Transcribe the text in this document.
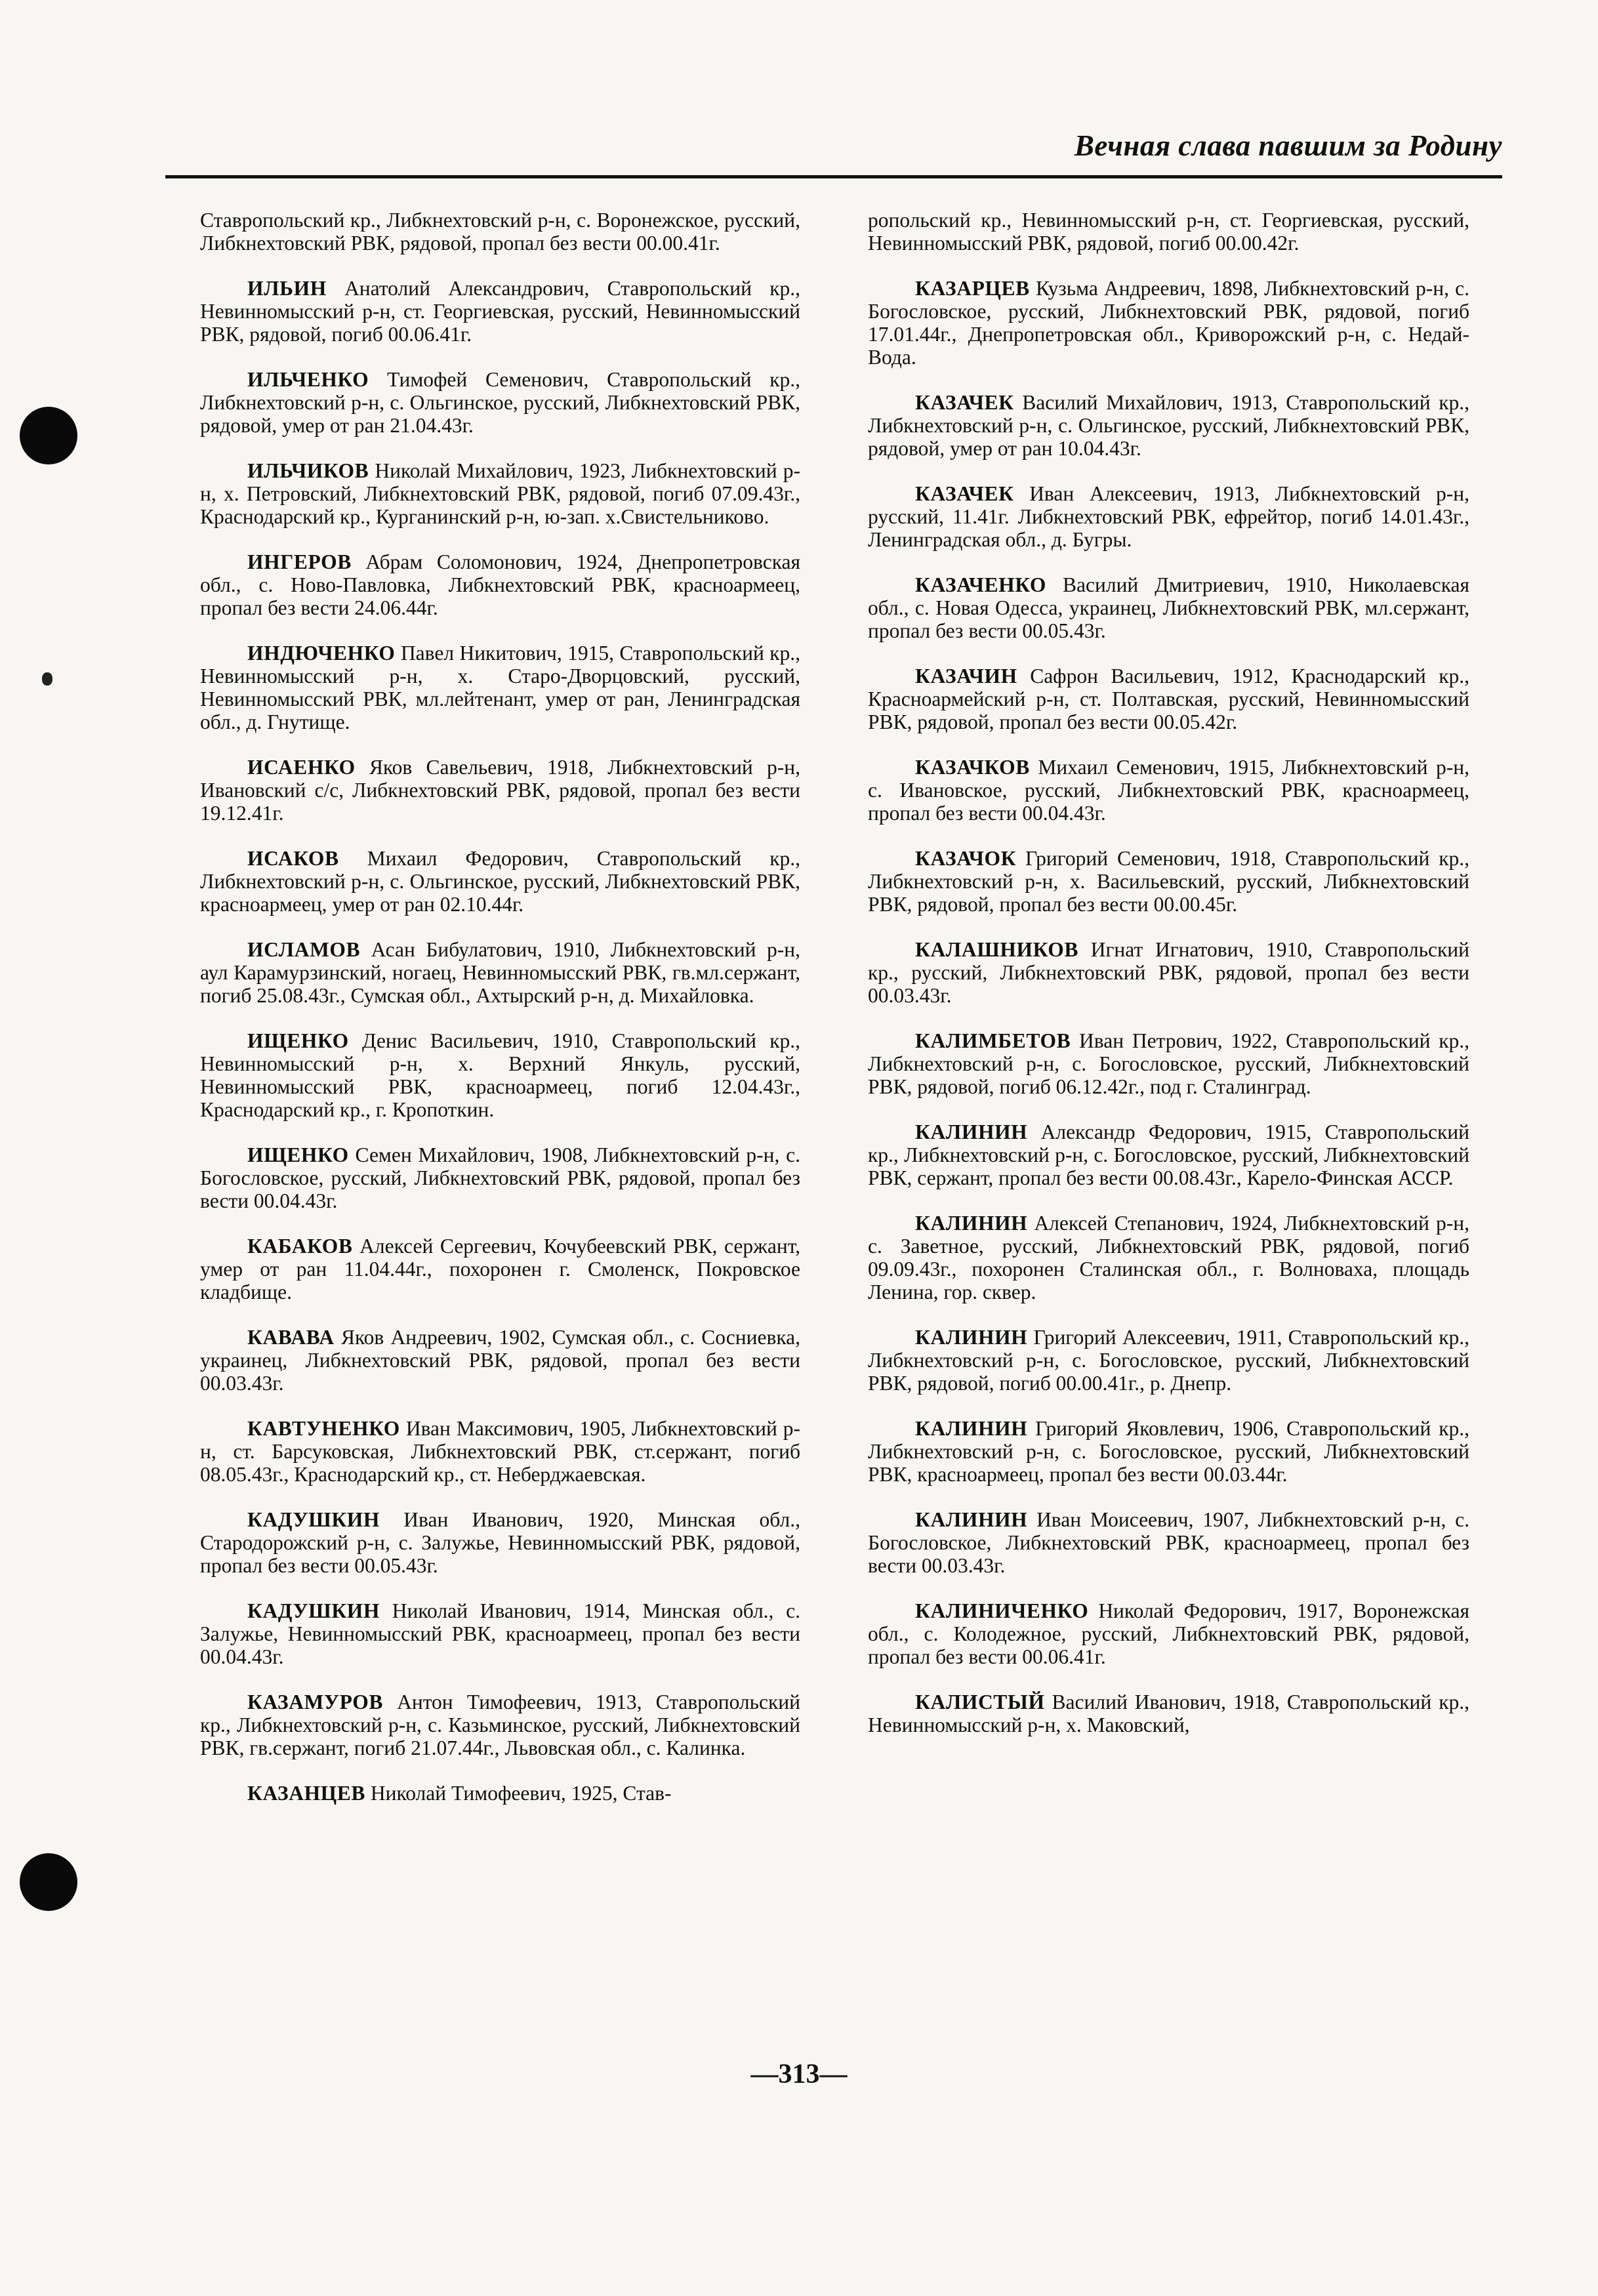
Вечная слава павшим за Родину

Ставропольский кр., Либкнехтовский р-н, с. Воронежское, русский, Либкнехтовский РВК, рядовой, пропал без вести 00.00.41г.

ИЛЬИН Анатолий Александрович, Ставропольский кр., Невинномысский р-н, ст. Георгиевская, русский, Невинномысский РВК, рядовой, погиб 00.06.41г.

ИЛЬЧЕНКО Тимофей Семенович, Ставропольский кр., Либкнехтовский р-н, с. Ольгинское, русский, Либкнехтовский РВК, рядовой, умер от ран 21.04.43г.

ИЛЬЧИКОВ Николай Михайлович, 1923, Либкнехтовский р-н, х. Петровский, Либкнехтовский РВК, рядовой, погиб 07.09.43г., Краснодарский кр., Курганинский р-н, ю-зап. х.Свистельниково.

ИНГЕРОВ Абрам Соломонович, 1924, Днепропетровская обл., с. Ново-Павловка, Либкнехтовский РВК, красноармеец, пропал без вести 24.06.44г.

ИНДЮЧЕНКО Павел Никитович, 1915, Ставропольский кр., Невинномысский р-н, х. Старо-Дворцовский, русский, Невинномысский РВК, мл.лейтенант, умер от ран, Ленинградская обл., д. Гнутище.

ИСАЕНКО Яков Савельевич, 1918, Либкнехтовский р-н, Ивановский с/с, Либкнехтовский РВК, рядовой, пропал без вести 19.12.41г.

ИСАКОВ Михаил Федорович, Ставропольский кр., Либкнехтовский р-н, с. Ольгинское, русский, Либкнехтовский РВК, красноармеец, умер от ран 02.10.44г.

ИСЛАМОВ Асан Бибулатович, 1910, Либкнехтовский р-н, аул Карамурзинский, ногаец, Невинномысский РВК, гв.мл.сержант, погиб 25.08.43г., Сумская обл., Ахтырский р-н, д. Михайловка.

ИЩЕНКО Денис Васильевич, 1910, Ставропольский кр., Невинномысский р-н, х. Верхний Янкуль, русский, Невинномысский РВК, красноармеец, погиб 12.04.43г., Краснодарский кр., г. Кропоткин.

ИЩЕНКО Семен Михайлович, 1908, Либкнехтовский р-н, с. Богословское, русский, Либкнехтовский РВК, рядовой, пропал без вести 00.04.43г.

КАБАКОВ Алексей Сергеевич, Кочубеевский РВК, сержант, умер от ран 11.04.44г., похоронен г. Смоленск, Покровское кладбище.

КАВАВА Яков Андреевич, 1902, Сумская обл., с. Сосниевка, украинец, Либкнехтовский РВК, рядовой, пропал без вести 00.03.43г.

КАВТУНЕНКО Иван Максимович, 1905, Либкнехтовский р-н, ст. Барсуковская, Либкнехтовский РВК, ст.сержант, погиб 08.05.43г., Краснодарский кр., ст. Неберджаевская.

КАДУШКИН Иван Иванович, 1920, Минская обл., Стародорожский р-н, с. Залужье, Невинномысский РВК, рядовой, пропал без вести 00.05.43г.

КАДУШКИН Николай Иванович, 1914, Минская обл., с. Залужье, Невинномысский РВК, красноармеец, пропал без вести 00.04.43г.

КАЗАМУРОВ Антон Тимофеевич, 1913, Ставропольский кр., Либкнехтовский р-н, с. Казьминское, русский, Либкнехтовский РВК, гв.сержант, погиб 21.07.44г., Львовская обл., с. Калинка.

КАЗАНЦЕВ Николай Тимофеевич, 1925, Став-

ропольский кр., Невинномысский р-н, ст. Георгиевская, русский, Невинномысский РВК, рядовой, погиб 00.00.42г.

КАЗАРЦЕВ Кузьма Андреевич, 1898, Либкнехтовский р-н, с. Богословское, русский, Либкнехтовский РВК, рядовой, погиб 17.01.44г., Днепропетровская обл., Криворожский р-н, с. Недай-Вода.

КАЗАЧЕК Василий Михайлович, 1913, Ставропольский кр., Либкнехтовский р-н, с. Ольгинское, русский, Либкнехтовский РВК, рядовой, умер от ран 10.04.43г.

КАЗАЧЕК Иван Алексеевич, 1913, Либкнехтовский р-н, русский, 11.41г. Либкнехтовский РВК, ефрейтор, погиб 14.01.43г., Ленинградская обл., д. Бугры.

КАЗАЧЕНКО Василий Дмитриевич, 1910, Николаевская обл., с. Новая Одесса, украинец, Либкнехтовский РВК, мл.сержант, пропал без вести 00.05.43г.

КАЗАЧИН Сафрон Васильевич, 1912, Краснодарский кр., Красноармейский р-н, ст. Полтавская, русский, Невинномысский РВК, рядовой, пропал без вести 00.05.42г.

КАЗАЧКОВ Михаил Семенович, 1915, Либкнехтовский р-н, с. Ивановское, русский, Либкнехтовский РВК, красноармеец, пропал без вести 00.04.43г.

КАЗАЧОК Григорий Семенович, 1918, Ставропольский кр., Либкнехтовский р-н, х. Васильевский, русский, Либкнехтовский РВК, рядовой, пропал без вести 00.00.45г.

КАЛАШНИКОВ Игнат Игнатович, 1910, Ставропольский кр., русский, Либкнехтовский РВК, рядовой, пропал без вести 00.03.43г.

КАЛИМБЕТОВ Иван Петрович, 1922, Ставропольский кр., Либкнехтовский р-н, с. Богословское, русский, Либкнехтовский РВК, рядовой, погиб 06.12.42г., под г. Сталинград.

КАЛИНИН Александр Федорович, 1915, Ставропольский кр., Либкнехтовский р-н, с. Богословское, русский, Либкнехтовский РВК, сержант, пропал без вести 00.08.43г., Карело-Финская АССР.

КАЛИНИН Алексей Степанович, 1924, Либкнехтовский р-н, с. Заветное, русский, Либкнехтовский РВК, рядовой, погиб 09.09.43г., похоронен Сталинская обл., г. Волноваха, площадь Ленина, гор. сквер.

КАЛИНИН Григорий Алексеевич, 1911, Ставропольский кр., Либкнехтовский р-н, с. Богословское, русский, Либкнехтовский РВК, рядовой, погиб 00.00.41г., р. Днепр.

КАЛИНИН Григорий Яковлевич, 1906, Ставропольский кр., Либкнехтовский р-н, с. Богословское, русский, Либкнехтовский РВК, красноармеец, пропал без вести 00.03.44г.

КАЛИНИН Иван Моисеевич, 1907, Либкнехтовский р-н, с. Богословское, Либкнехтовский РВК, красноармеец, пропал без вести 00.03.43г.

КАЛИНИЧЕНКО Николай Федорович, 1917, Воронежская обл., с. Колодежное, русский, Либкнехтовский РВК, рядовой, пропал без вести 00.06.41г.

КАЛИСТЫЙ Василий Иванович, 1918, Ставропольский кр., Невинномысский р-н, х. Маковский,

—313—
